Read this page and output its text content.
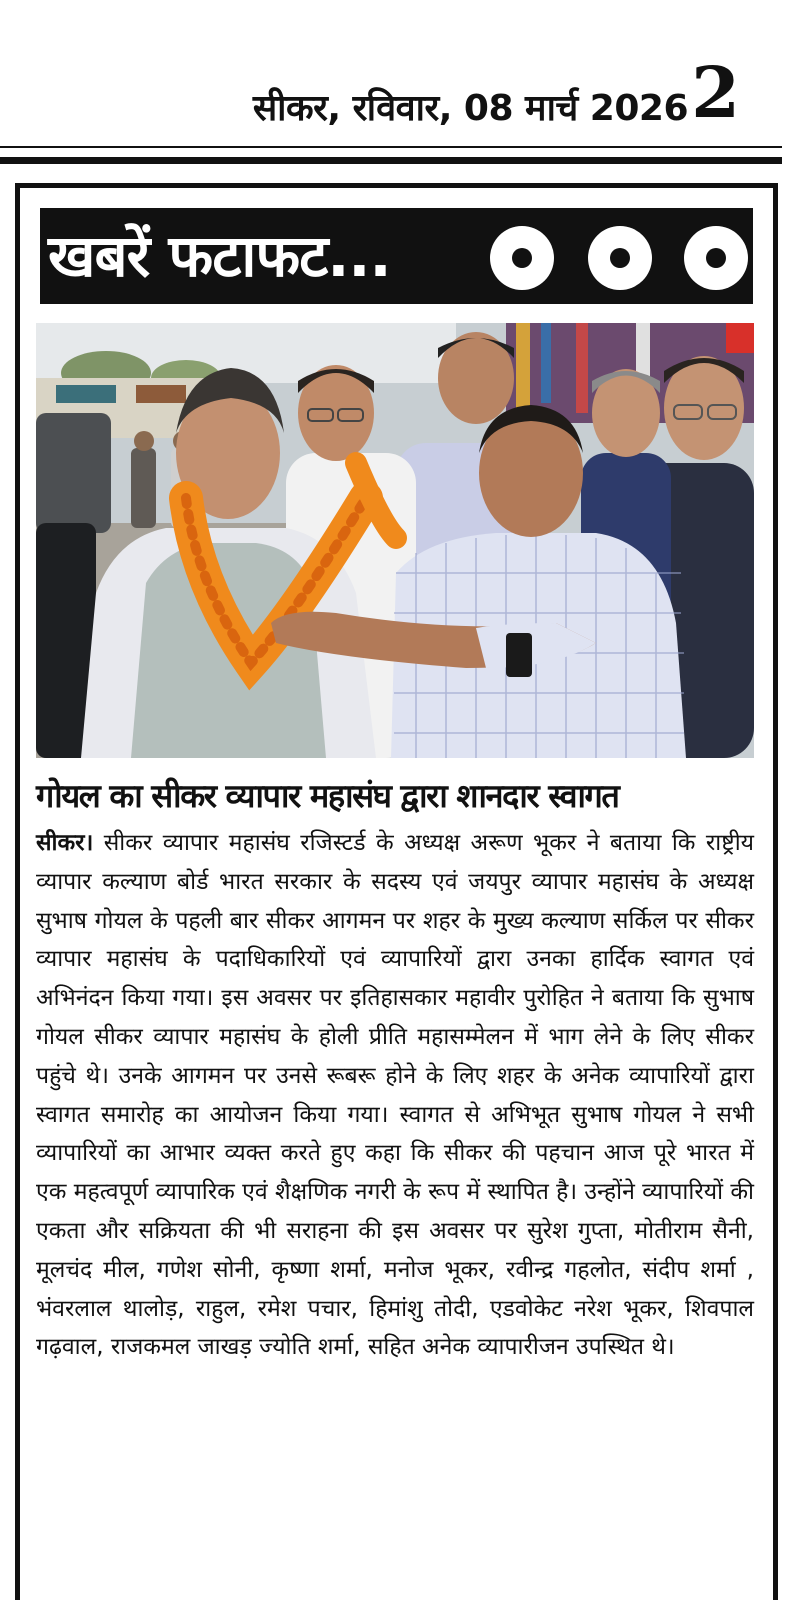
सीकर, रविवार, 08 मार्च 2026 2
खबरें फटाफट...
गोयल का सीकर व्यापार महासंघ द्वारा शानदार स्वागत
सीकर। सीकर व्यापार महासंघ रजिस्टर्ड के अध्यक्ष अरूण भूकर ने बताया कि राष्ट्रीय व्यापार कल्याण बोर्ड भारत सरकार के सदस्य एवं जयपुर व्यापार महासंघ के अध्यक्ष सुभाष गोयल के पहली बार सीकर आगमन पर शहर के मुख्य कल्याण सर्किल पर सीकर व्यापार महासंघ के पदाधिकारियों एवं व्यापारियों द्वारा उनका हार्दिक स्वागत एवं अभिनंदन किया गया। इस अवसर पर इतिहासकार महावीर पुरोहित ने बताया कि सुभाष गोयल सीकर व्यापार महासंघ के होली प्रीति महासम्मेलन में भाग लेने के लिए सीकर पहुंचे थे। उनके आगमन पर उनसे रूबरू होने के लिए शहर के अनेक व्यापारियों द्वारा स्वागत समारोह का आयोजन किया गया। स्वागत से अभिभूत सुभाष गोयल ने सभी व्यापारियों का आभार व्यक्त करते हुए कहा कि सीकर की पहचान आज पूरे भारत में एक महत्वपूर्ण व्यापारिक एवं शैक्षणिक नगरी के रूप में स्थापित है। उन्होंने व्यापारियों की एकता और सक्रियता की भी सराहना की इस अवसर पर सुरेश गुप्ता, मोतीराम सैनी, मूलचंद मील, गणेश सोनी, कृष्णा शर्मा, मनोज भूकर, रवीन्द्र गहलोत, संदीप शर्मा , भंवरलाल थालोड़, राहुल, रमेश पचार, हिमांशु तोदी, एडवोकेट नरेश भूकर, शिवपाल गढ़वाल, राजकमल जाखड़ ज्योति शर्मा, सहित अनेक व्यापारीजन उपस्थित थे।
